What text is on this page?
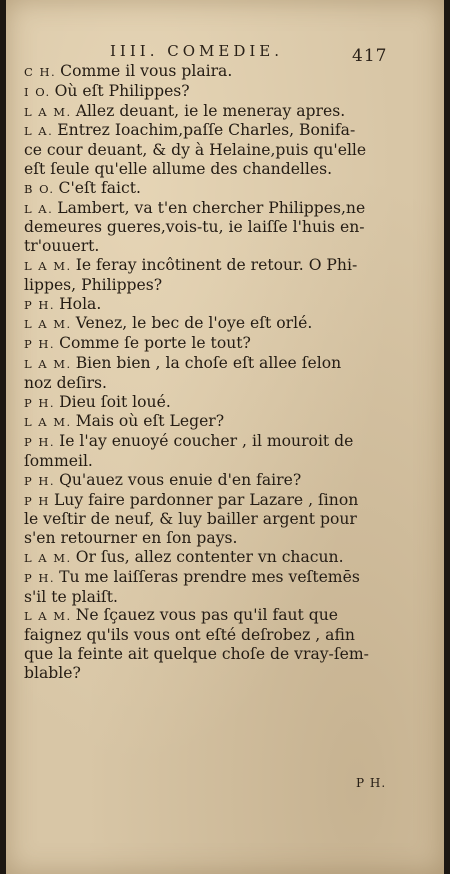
IIII. COMEDIE.	417

C H. Comme il vous plaira.

I O. Où eſt Philippes?

L A M. Allez deuant, ie le meneray apres.

L A. Entrez Ioachim,paſſe Charles, Bonifa-

ce cour deuant, & dy à Helaine,puis qu'elle

eſt ſeule qu'elle allume des chandelles.

B O. C'eſt faict.

L A. Lambert, va t'en chercher Philippes,ne

demeures gueres,vois-tu, ie laiſſe l'huis en-

tr'ouuert.

L A M. Ie feray incôtinent de retour. O Phi-

lippes, Philippes?

P H. Hola.

L A M. Venez, le bec de l'oye eſt orlé.

P H. Comme ſe porte le tout?

L A M. Bien bien , la choſe eſt allee ſelon

noz deſirs.

P H. Dieu ſoit loué.

L A M. Mais où eſt Leger?

P H. Ie l'ay enuoyé coucher , il mouroit de

ſommeil.

P H. Qu'auez vous enuie d'en faire?

P H Luy faire pardonner par Lazare , ſinon

le veſtir de neuf, & luy bailler argent pour

s'en retourner en ſon pays.

L A M. Or ſus, allez contenter vn chacun.

P H. Tu me laiſſeras prendre mes veſtemēs

s'il te plaiſt.

L A M. Ne ſçauez vous pas qu'il faut que

faignez qu'ils vous ont eſté deſrobez , afin

que la feinte ait quelque choſe de vray-ſem-

blable?

P H.
